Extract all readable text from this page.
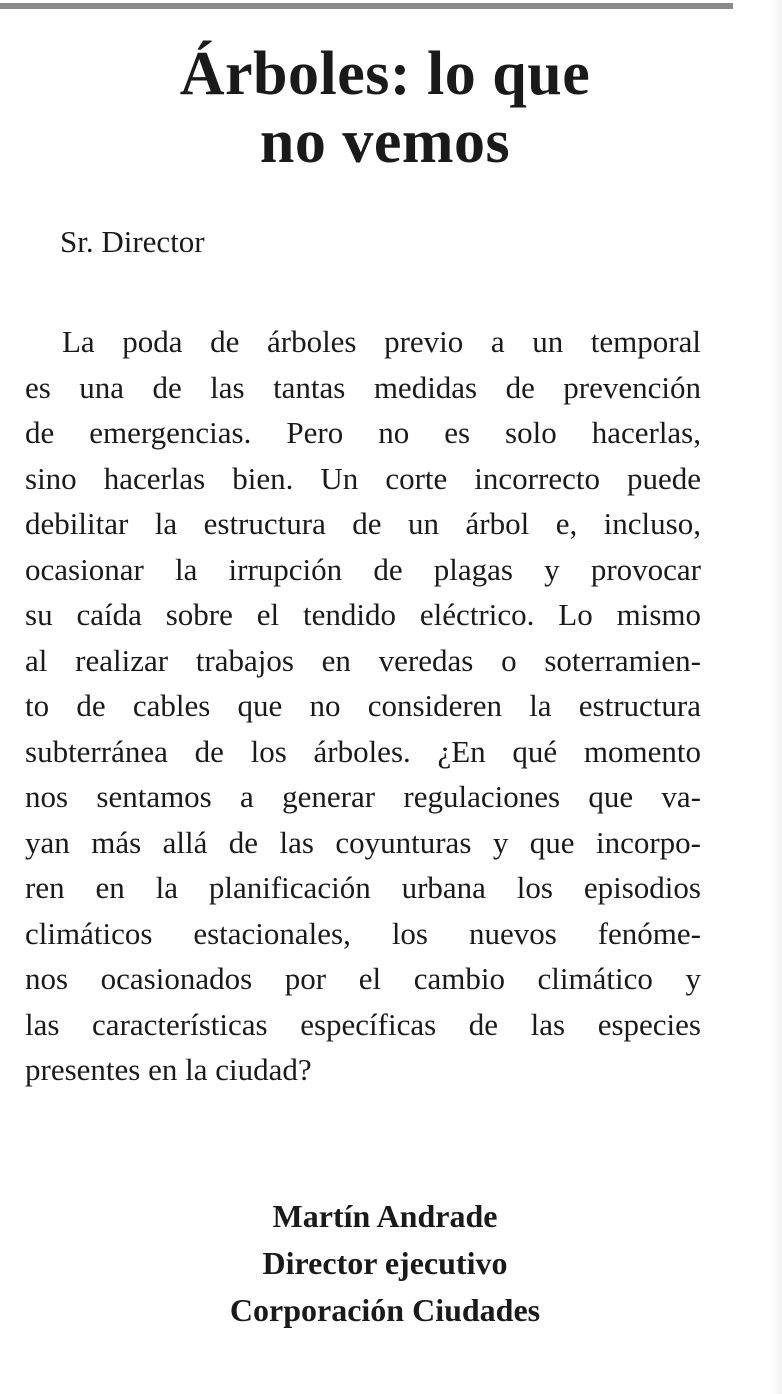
Árboles: lo que
no vemos
Sr. Director
La poda de árboles previo a un temporal
es una de las tantas medidas de prevención
de emergencias. Pero no es solo hacerlas,
sino hacerlas bien. Un corte incorrecto puede
debilitar la estructura de un árbol e, incluso,
ocasionar la irrupción de plagas y provocar
su caída sobre el tendido eléctrico. Lo mismo
al realizar trabajos en veredas o soterramien-
to de cables que no consideren la estructura
subterránea de los árboles. ¿En qué momento
nos sentamos a generar regulaciones que va-
yan más allá de las coyunturas y que incorpo-
ren en la planificación urbana los episodios
climáticos estacionales, los nuevos fenóme-
nos ocasionados por el cambio climático y
las características específicas de las especies
presentes en la ciudad?
Martín Andrade
Director ejecutivo
Corporación Ciudades
